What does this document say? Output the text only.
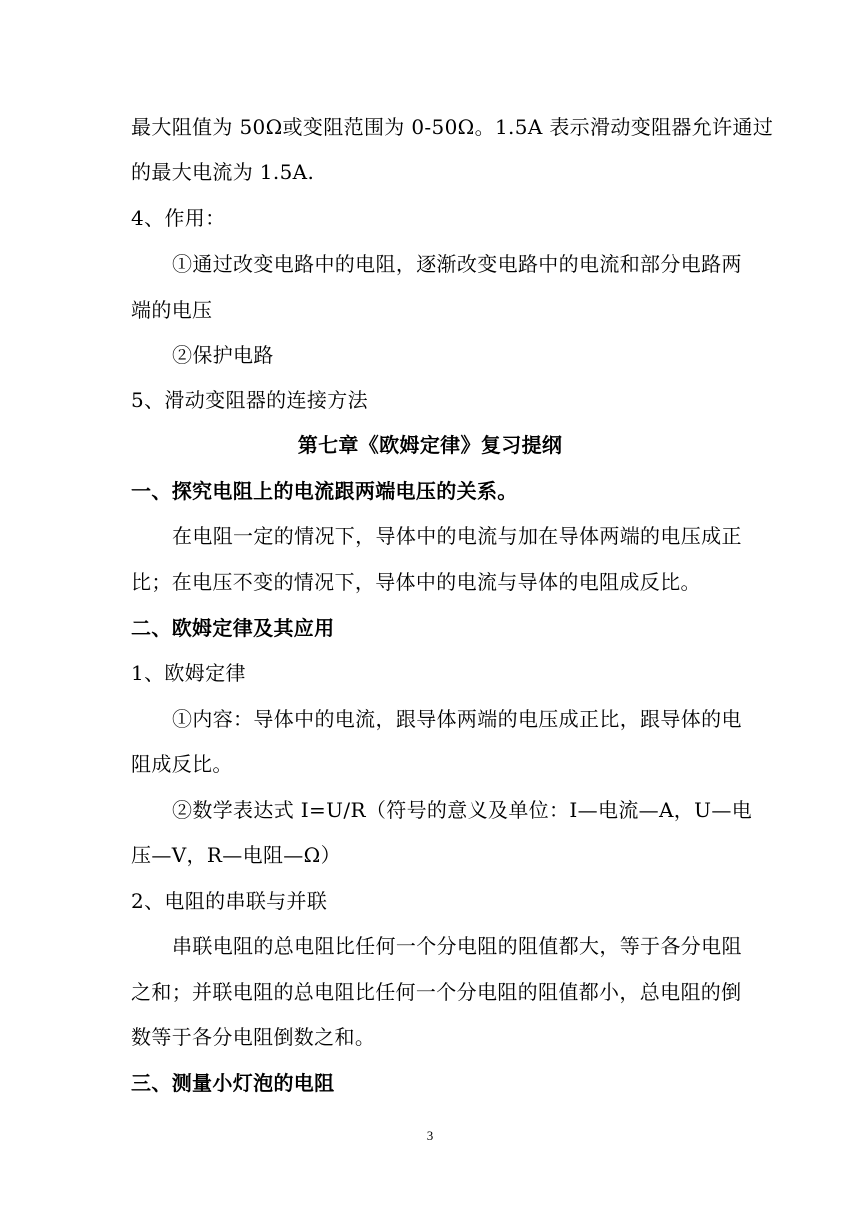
最大阻值为 50Ω或变阻范围为 0-50Ω。1.5A 表示滑动变阻器允许通过
的最大电流为 1.5A.
4、作用：
①通过改变电路中的电阻，逐渐改变电路中的电流和部分电路两
端的电压
②保护电路
5、滑动变阻器的连接方法
第七章《欧姆定律》复习提纲
一、探究电阻上的电流跟两端电压的关系。
在电阻一定的情况下，导体中的电流与加在导体两端的电压成正
比；在电压不变的情况下，导体中的电流与导体的电阻成反比。
二、欧姆定律及其应用
1、欧姆定律
①内容：导体中的电流，跟导体两端的电压成正比，跟导体的电
阻成反比。
②数学表达式 I=U/R（符号的意义及单位：I—电流—A，U—电
压—V，R—电阻—Ω）
2、电阻的串联与并联
串联电阻的总电阻比任何一个分电阻的阻值都大，等于各分电阻
之和；并联电阻的总电阻比任何一个分电阻的阻值都小，总电阻的倒
数等于各分电阻倒数之和。
三、测量小灯泡的电阻
3
